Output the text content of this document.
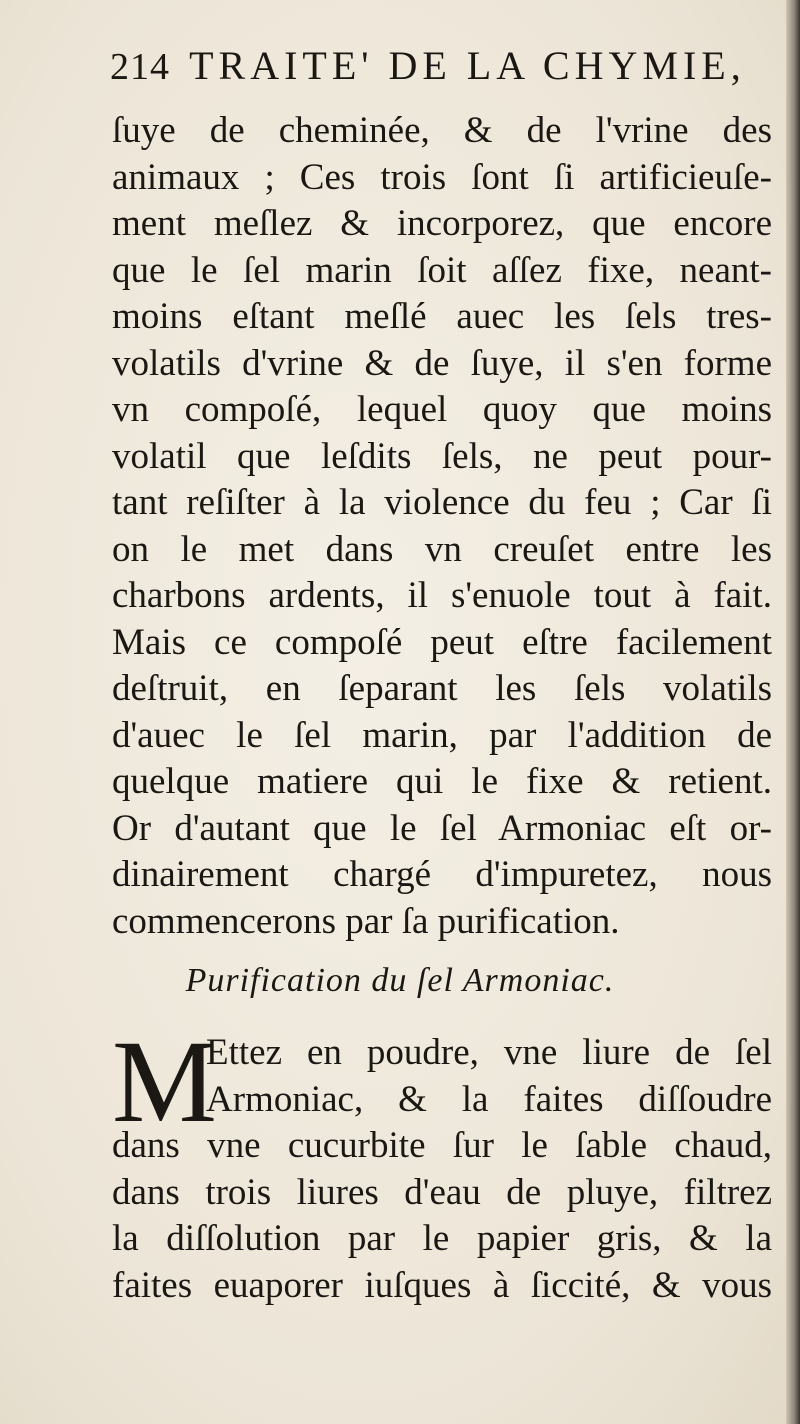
214 TRAITE' DE LA CHYMIE,
ſuye de cheminée, & de l'vrine des
animaux ; Ces trois ſont ſi artificieuſe-
ment meſlez & incorporez, que encore
que le ſel marin ſoit aſſez fixe, neant-
moins eſtant meſlé auec les ſels tres-
volatils d'vrine & de ſuye, il s'en forme
vn compoſé, lequel quoy que moins
volatil que leſdits ſels, ne peut pour-
tant reſiſter à la violence du feu ; Car ſi
on le met dans vn creuſet entre les
charbons ardents, il s'enuole tout à fait.
Mais ce compoſé peut eſtre facilement
deſtruit, en ſeparant les ſels volatils
d'auec le ſel marin, par l'addition de
quelque matiere qui le fixe & retient.
Or d'autant que le ſel Armoniac eſt or-
dinairement chargé d'impuretez, nous
commencerons par ſa purification.
Purification du ſel Armoniac.
M
Ettez en poudre, vne liure de ſel
Armoniac, & la faites diſſoudre
dans vne cucurbite ſur le ſable chaud,
dans trois liures d'eau de pluye, filtrez
la diſſolution par le papier gris, & la
faites euaporer iuſques à ſiccité, & vous
